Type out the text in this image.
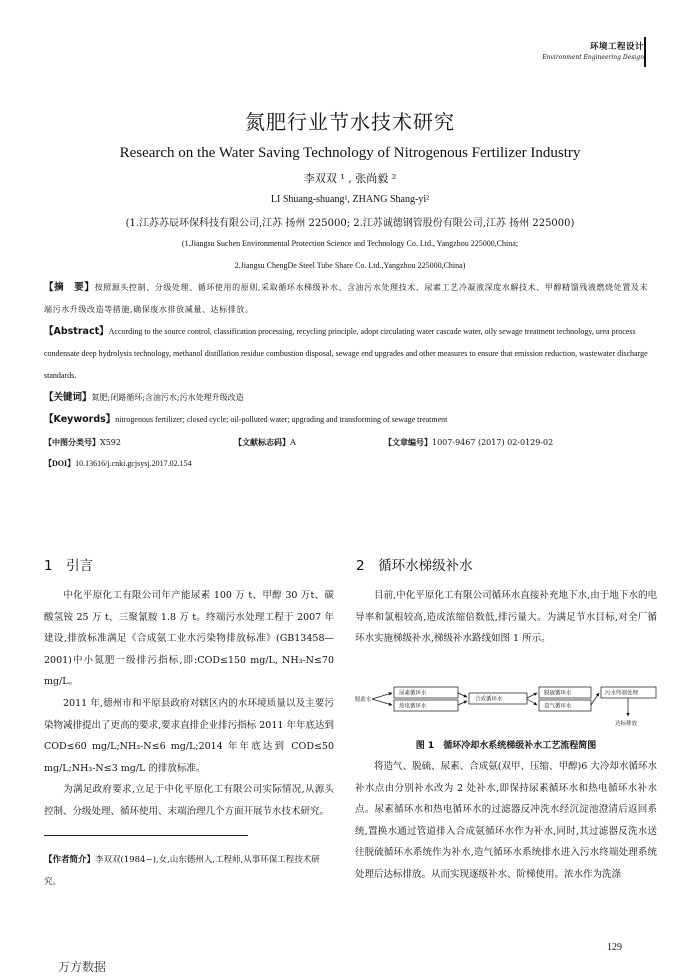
环境工程设计
Environment Engineering Design
氮肥行业节水技术研究
Research on the Water Saving Technology of Nitrogenous Fertilizer Industry
李双双 ¹ , 张尚毅 ²
LI Shuang-shuang¹, ZHANG Shang-yi²
(1.江苏苏辰环保科技有限公司,江苏 扬州 225000; 2.江苏诚德钢管股份有限公司,江苏 扬州 225000)
(1.Jiangsu Suchen Environmental Protection Science and Technology Co. Ltd., Yangzhou 225000,China;
2.Jiangsu ChengDe Steel Tube Share Co. Ltd.,Yangzhou 225000,China)
【摘　要】按照源头控制、分级处理、循环使用的原则,采取循环水梯级补水、含油污水处理技术、尿素工艺冷凝液深度水解技术、甲醇精馏残液燃烧处置及末端污水升级改造等措施,确保废水排放减量、达标排放。
【Abstract】According to the source control, classification processing, recycling principle, adopt circulating water cascade water, oily sewage treatment technology, urea process condensate deep hydrolysis technology, methanol distillation residue combustion disposal, sewage end upgrades and other measures to ensure that emission reduction, wastewater discharge standards.
【关键词】氮肥;闭路循环;含油污水;污水处理升级改造
【Keywords】nitrogenous fertilizer; closed cycle; oil-polluted water; upgrading and transforming of sewage treatment
【中图分类号】X592	【文献标志码】A	【文章编号】1007-9467 (2017) 02-0129-02
【DOI】10.13616/j.cnki.gcjsysj.2017.02.154
1　引言
中化平原化工有限公司年产能尿素 100 万 t、甲醇 30 万t、碳酸氢铵 25 万 t、三聚氰胺 1.8 万 t。终端污水处理工程于 2007 年建设,排放标准满足《合成氨工业水污染物排放标准》(GB13458—2001)中小氮肥一级排污指标,即:COD≤150 mg/L, NH₃-N≤70 mg/L。
2011 年,德州市和平原县政府对辖区内的水环境质量以及主要污染物减排提出了更高的要求,要求直排企业排污指标 2011 年年底达到 COD≤60 mg/L;NH₃-N≤6 mg/L;2014 年年底达到 COD≤50 mg/L;NH₃-N≤3 mg/L 的排放标准。
为满足政府要求,立足于中化平原化工有限公司实际情况,从源头控制、分级处理、循环使用、末端治理几个方面开展节水技术研究。
【作者简介】李双双(1984~),女,山东德州人,工程师,从事环保工程技术研究。
2　循环水梯级补水
目前,中化平原化工有限公司循环水直接补充地下水,由于地下水的电导率和氯根较高,造成浓缩倍数低,排污量大。为满足节水目标,对全厂循环水实施梯级补水,梯级补水路线如图 1 所示。
脱盐水
尿素循环水
热电循环水
合成循环水
脱硫循环水
造气循环水
污水终端处理
达标排放
图 1　循环冷却水系统梯级补水工艺流程简图
将造气、脱硫、尿素、合成氨(双甲、压缩、甲醇)6 大冷却水循环水补水点由分别补水改为 2 处补水,即保持尿素循环水和热电循环水补水点。尿素循环水和热电循环水的过滤器反冲洗水经沉淀池澄清后返回系统,置换水通过管道排入合成氨循环水作为补水,同时,其过滤器反洗水送往脱硫循环水系统作为补水,造气循环水系统排水进入污水终端处理系统处理后达标排放。从而实现逐级补水、阶梯使用。浓水作为洗涤
129
万方数据
